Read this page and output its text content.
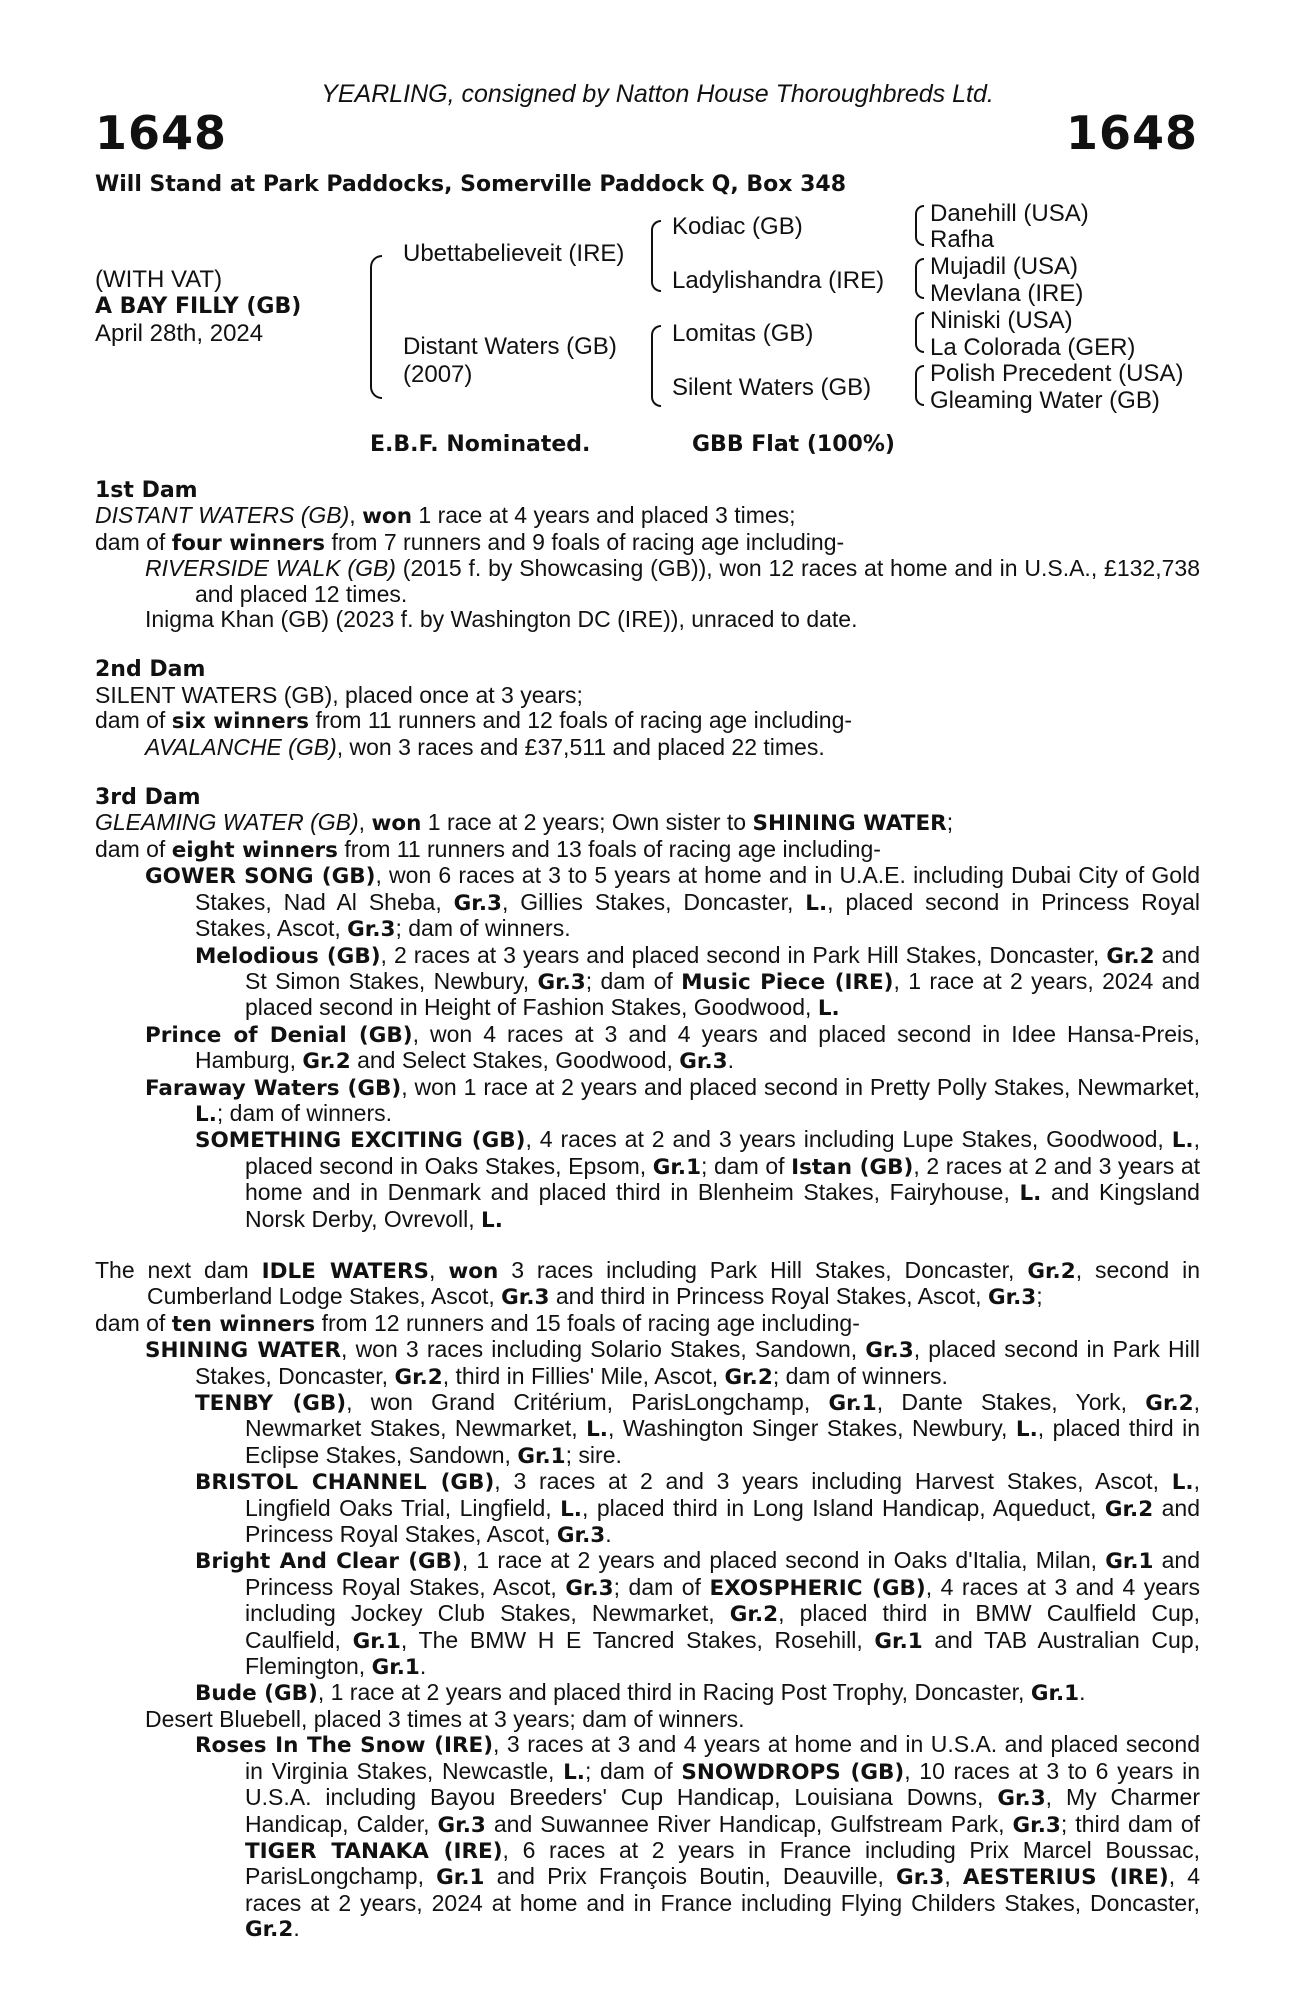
YEARLING, consigned by Natton House Thoroughbreds Ltd.
1648	1648
Will Stand at Park Paddocks, Somerville Paddock Q, Box 348
(WITH VAT)
A BAY FILLY (GB)
April 28th, 2024
Ubettabelieveit (IRE)
Distant Waters (GB)
(2007)
Kodiac (GB)
Ladylishandra (IRE)
Lomitas (GB)
Silent Waters (GB)
Danehill (USA)
Rafha
Mujadil (USA)
Mevlana (IRE)
Niniski (USA)
La Colorada (GER)
Polish Precedent (USA)
Gleaming Water (GB)
E.B.F. Nominated.	GBB Flat (100%)

1st Dam

DISTANT WATERS (GB), won 1 race at 4 years and placed 3 times;

dam of four winners from 7 runners and 9 foals of racing age including-

RIVERSIDE WALK (GB) (2015 f. by Showcasing (GB)), won 12 races at home and in U.S.A., £132,738 and placed 12 times.

Inigma Khan (GB) (2023 f. by Washington DC (IRE)), unraced to date.

2nd Dam

SILENT WATERS (GB), placed once at 3 years;

dam of six winners from 11 runners and 12 foals of racing age including-

AVALANCHE (GB), won 3 races and £37,511 and placed 22 times.

3rd Dam

GLEAMING WATER (GB), won 1 race at 2 years; Own sister to SHINING WATER;

dam of eight winners from 11 runners and 13 foals of racing age including-

GOWER SONG (GB), won 6 races at 3 to 5 years at home and in U.A.E. including Dubai City of Gold Stakes, Nad Al Sheba, Gr.3, Gillies Stakes, Doncaster, L., placed second in Princess Royal Stakes, Ascot, Gr.3; dam of winners.

Melodious (GB), 2 races at 3 years and placed second in Park Hill Stakes, Doncaster, Gr.2 and St Simon Stakes, Newbury, Gr.3; dam of Music Piece (IRE), 1 race at 2 years, 2024 and placed second in Height of Fashion Stakes, Goodwood, L.

Prince of Denial (GB), won 4 races at 3 and 4 years and placed second in Idee Hansa-Preis, Hamburg, Gr.2 and Select Stakes, Goodwood, Gr.3.

Faraway Waters (GB), won 1 race at 2 years and placed second in Pretty Polly Stakes, Newmarket, L.; dam of winners.

SOMETHING EXCITING (GB), 4 races at 2 and 3 years including Lupe Stakes, Goodwood, L., placed second in Oaks Stakes, Epsom, Gr.1; dam of Istan (GB), 2 races at 2 and 3 years at home and in Denmark and placed third in Blenheim Stakes, Fairyhouse, L. and Kingsland Norsk Derby, Ovrevoll, L.

The next dam IDLE WATERS, won 3 races including Park Hill Stakes, Doncaster, Gr.2, second in Cumberland Lodge Stakes, Ascot, Gr.3 and third in Princess Royal Stakes, Ascot, Gr.3;

dam of ten winners from 12 runners and 15 foals of racing age including-

SHINING WATER, won 3 races including Solario Stakes, Sandown, Gr.3, placed second in Park Hill Stakes, Doncaster, Gr.2, third in Fillies' Mile, Ascot, Gr.2; dam of winners.

TENBY (GB), won Grand Critérium, ParisLongchamp, Gr.1, Dante Stakes, York, Gr.2, Newmarket Stakes, Newmarket, L., Washington Singer Stakes, Newbury, L., placed third in Eclipse Stakes, Sandown, Gr.1; sire.

BRISTOL CHANNEL (GB), 3 races at 2 and 3 years including Harvest Stakes, Ascot, L., Lingfield Oaks Trial, Lingfield, L., placed third in Long Island Handicap, Aqueduct, Gr.2 and Princess Royal Stakes, Ascot, Gr.3.

Bright And Clear (GB), 1 race at 2 years and placed second in Oaks d'Italia, Milan, Gr.1 and Princess Royal Stakes, Ascot, Gr.3; dam of EXOSPHERIC (GB), 4 races at 3 and 4 years including Jockey Club Stakes, Newmarket, Gr.2, placed third in BMW Caulfield Cup, Caulfield, Gr.1, The BMW H E Tancred Stakes, Rosehill, Gr.1 and TAB Australian Cup, Flemington, Gr.1.

Bude (GB), 1 race at 2 years and placed third in Racing Post Trophy, Doncaster, Gr.1.

Desert Bluebell, placed 3 times at 3 years; dam of winners.

Roses In The Snow (IRE), 3 races at 3 and 4 years at home and in U.S.A. and placed second in Virginia Stakes, Newcastle, L.; dam of SNOWDROPS (GB), 10 races at 3 to 6 years in U.S.A. including Bayou Breeders' Cup Handicap, Louisiana Downs, Gr.3, My Charmer Handicap, Calder, Gr.3 and Suwannee River Handicap, Gulfstream Park, Gr.3; third dam of TIGER TANAKA (IRE), 6 races at 2 years in France including Prix Marcel Boussac, ParisLongchamp, Gr.1 and Prix François Boutin, Deauville, Gr.3, AESTERIUS (IRE), 4 races at 2 years, 2024 at home and in France including Flying Childers Stakes, Doncaster, Gr.2.
